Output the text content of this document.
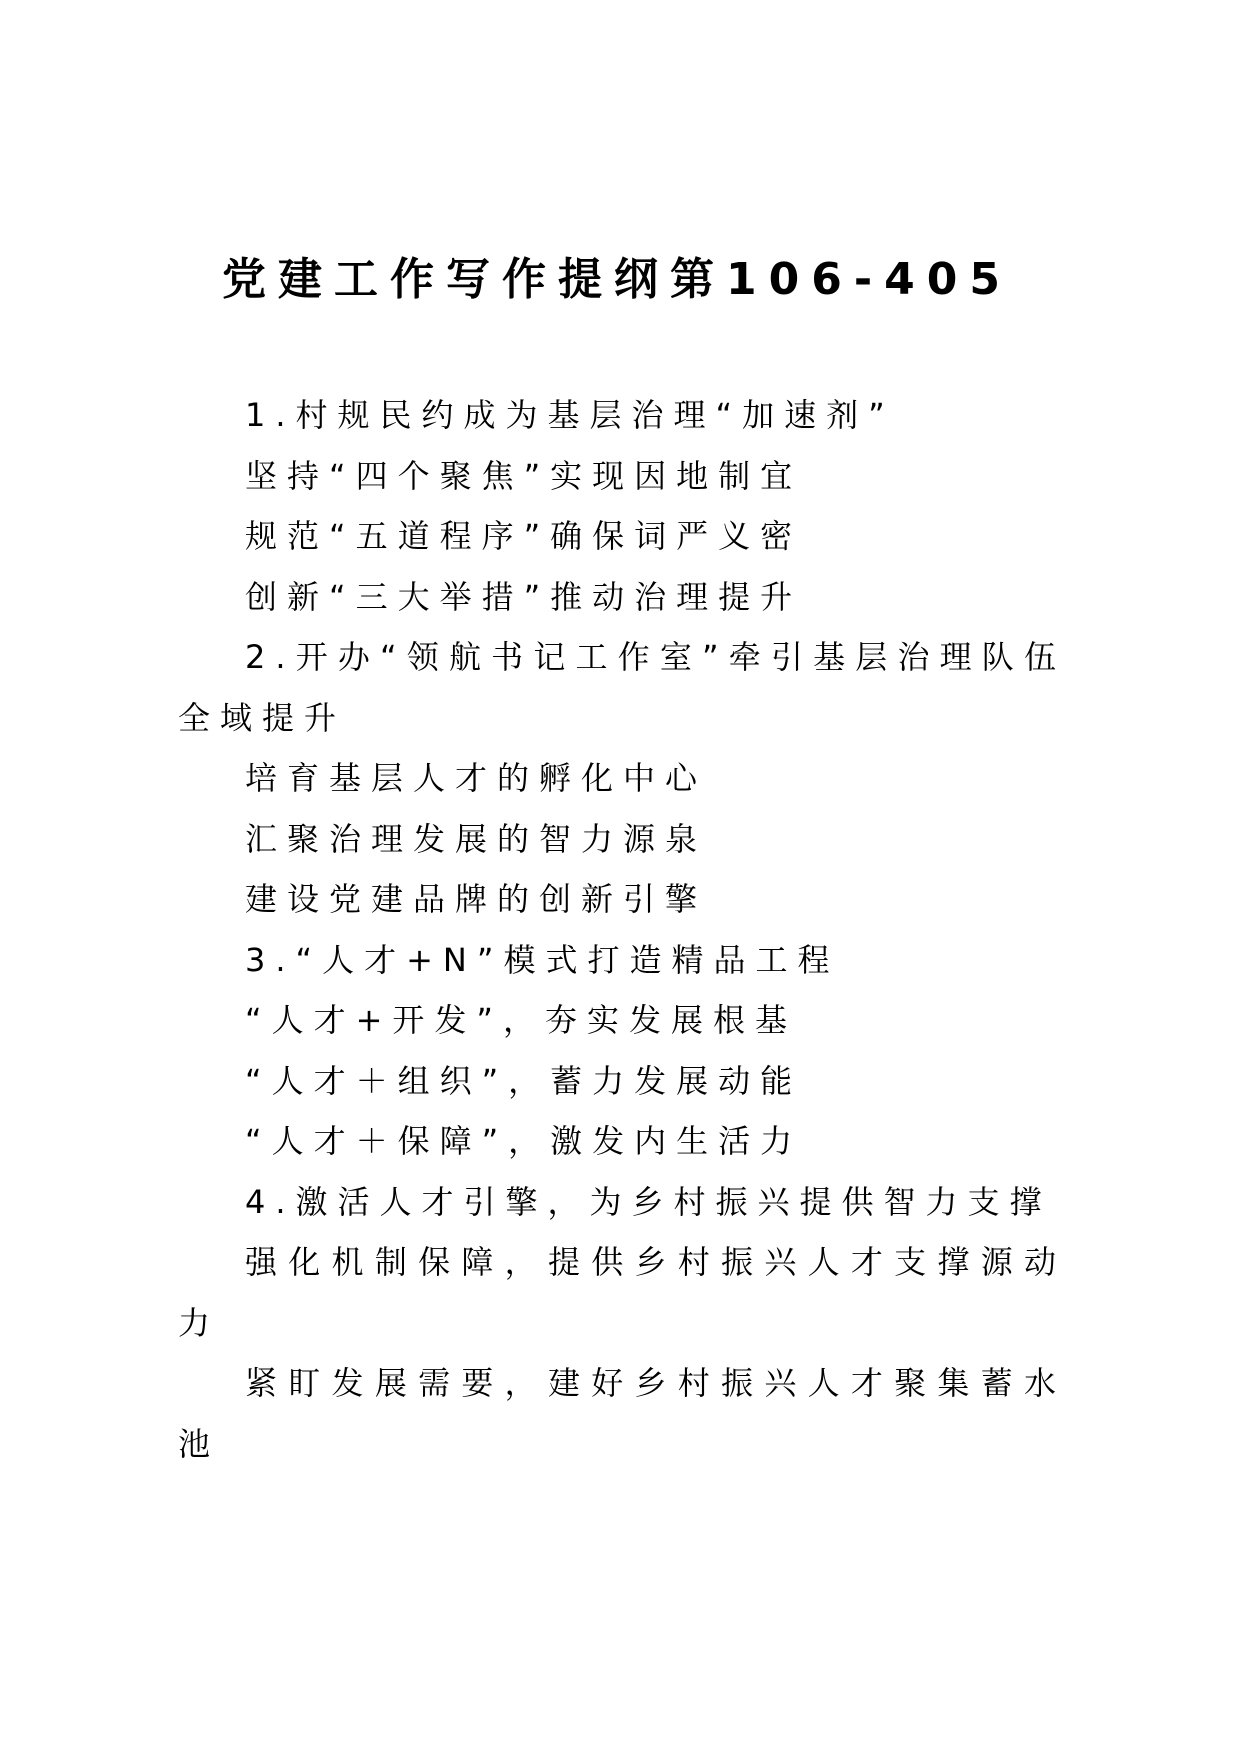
党建工作写作提纲第106-405

1.村规民约成为基层治理“加速剂”

坚持“四个聚焦”实现因地制宜

规范“五道程序”确保词严义密

创新“三大举措”推动治理提升

2.开办“领航书记工作室”牵引基层治理队伍全域提升

培育基层人才的孵化中心

汇聚治理发展的智力源泉

建设党建品牌的创新引擎

3.“人才+N”模式打造精品工程

“人才+开发”，夯实发展根基

“人才＋组织”，蓄力发展动能

“人才＋保障”，激发内生活力

4.激活人才引擎，为乡村振兴提供智力支撑

强化机制保障，提供乡村振兴人才支撑源动力

紧盯发展需要，建好乡村振兴人才聚集蓄水池
